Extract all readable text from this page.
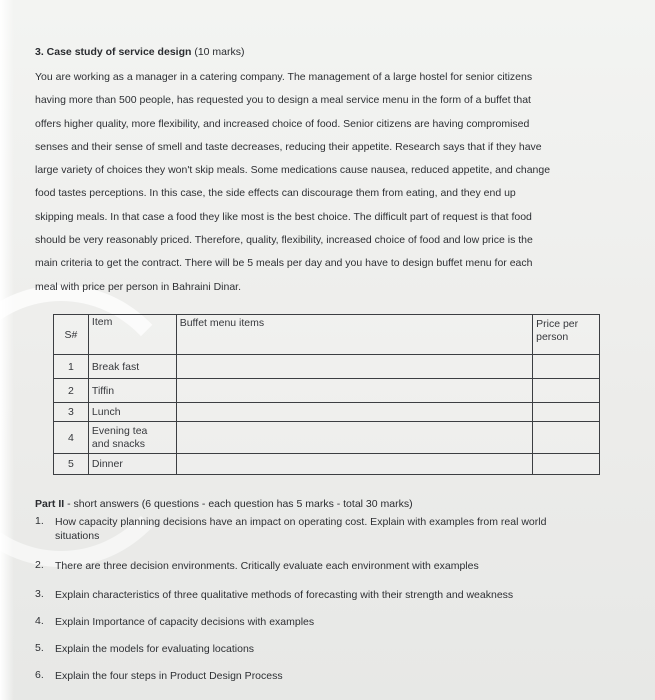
3. Case study of service design (10 marks)
You are working as a manager in a catering company. The management of a large hostel for senior citizens
having more than 500 people, has requested you to design a meal service menu in the form of a buffet that
offers higher quality, more flexibility, and increased choice of food. Senior citizens are having compromised
senses and their sense of smell and taste decreases, reducing their appetite. Research says that if they have
large variety of choices they won't skip meals. Some medications cause nausea, reduced appetite, and change
food tastes perceptions. In this case, the side effects can discourage them from eating, and they end up
skipping meals. In that case a food they like most is the best choice. The difficult part of request is that food
should be very reasonably priced. Therefore, quality, flexibility, increased choice of food and low price is the
main criteria to get the contract. There will be 5 meals per day and you have to design buffet menu for each
meal with price per person in Bahraini Dinar.
S#	Item	Buffet menu items	Price per
person

1	Break fast		
2	Tiffin		
3	Lunch		
4	Evening tea
and snacks		

5	Dinner		
Part II - short answers (6 questions - each question has 5 marks - total 30 marks)
1. How capacity planning decisions have an impact on operating cost. Explain with examples from real world
situations
2. There are three decision environments. Critically evaluate each environment with examples
3. Explain characteristics of three qualitative methods of forecasting with their strength and weakness
4. Explain Importance of capacity decisions with examples
5. Explain the models for evaluating locations
6. Explain the four steps in Product Design Process
